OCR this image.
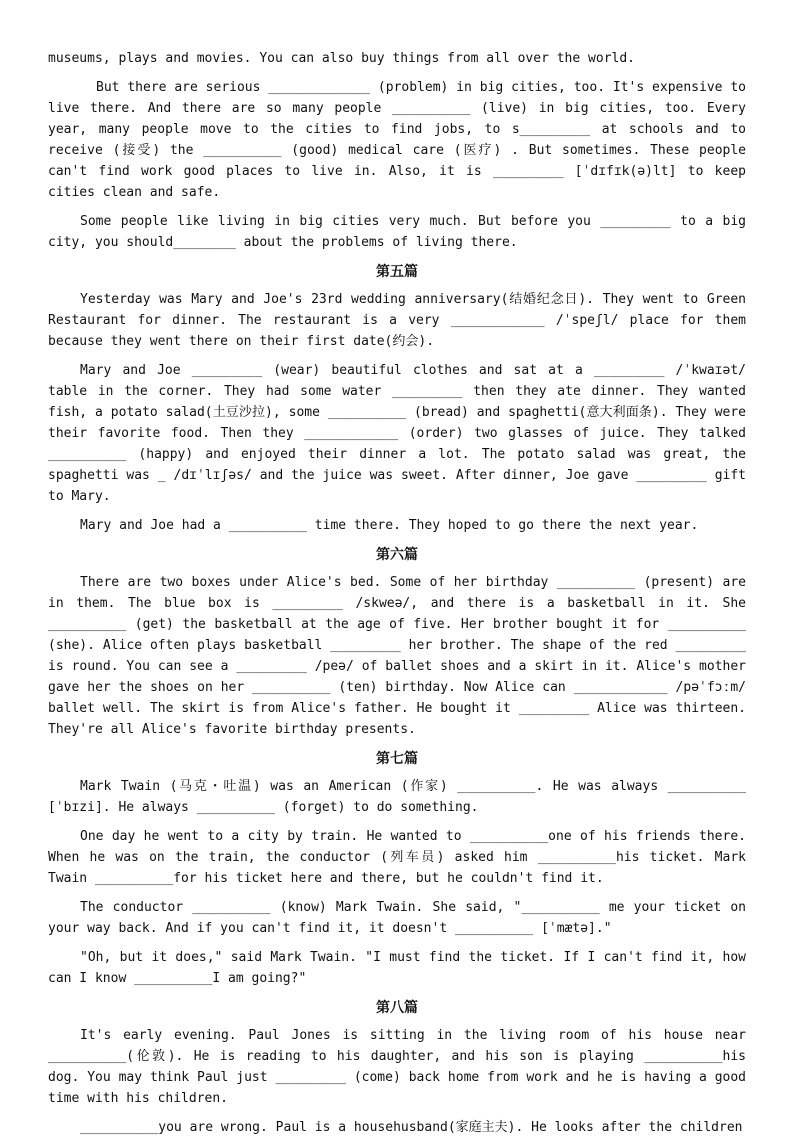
museums, plays and movies. You can also buy things from all over the world.

But there are serious _____________ (problem) in big cities, too. It's expensive to live there. And there are so many people __________ (live) in big cities, too. Every year, many people move to the cities to find jobs, to s_________ at schools and to receive (接受) the __________ (good) medical care (医疗) . But sometimes. These people can't find work good places to live in. Also, it is _________ [ˈdɪfɪk(ə)lt] to keep cities clean and safe.

Some people like living in big cities very much. But before you _________ to a big city, you should________ about the problems of living there.

第五篇

Yesterday was Mary and Joe's 23rd wedding anniversary(结婚纪念日). They went to Green Restaurant for dinner. The restaurant is a very ____________ /ˈspeʃl/ place for them because they went there on their first date(约会).

Mary and Joe _________ (wear) beautiful clothes and sat at a _________ /ˈkwaɪət/ table in the corner. They had some water _________ then they ate dinner. They wanted fish, a potato salad(土豆沙拉), some __________ (bread) and spaghetti(意大利面条). They were their favorite food. Then they ____________ (order) two glasses of juice. They talked __________ (happy) and enjoyed their dinner a lot. The potato salad was great, the spaghetti was _ /dɪˈlɪʃəs/ and the juice was sweet. After dinner, Joe gave _________ gift to Mary.

Mary and Joe had a __________ time there. They hoped to go there the next year.

第六篇

There are two boxes under Alice's bed. Some of her birthday __________ (present) are in them. The blue box is _________ /skweə/, and there is a basketball in it. She __________ (get) the basketball at the age of five. Her brother bought it for __________ (she). Alice often plays basketball _________ her brother. The shape of the red _________ is round. You can see a _________ /peə/ of ballet shoes and a skirt in it. Alice's mother gave her the shoes on her __________ (ten) birthday. Now Alice can ____________ /pəˈfɔːm/ ballet well. The skirt is from Alice's father. He bought it _________ Alice was thirteen. They're all Alice's favorite birthday presents.

第七篇

Mark Twain (马克・吐温) was an American (作家) __________. He was always __________ [ˈbɪzi]. He always __________ (forget) to do something.

One day he went to a city by train. He wanted to __________one of his friends there. When he was on the train, the conductor (列车员) asked him __________his ticket. Mark Twain __________for his ticket here and there, but he couldn't find it.

The conductor __________ (know) Mark Twain. She said, "__________ me your ticket on your way back. And if you can't find it, it doesn't __________ [ˈmætə]."

"Oh, but it does," said Mark Twain. "I must find the ticket. If I can't find it, how can I know __________I am going?"

第八篇

It's early evening. Paul Jones is sitting in the living room of his house near __________(伦敦). He is reading to his daughter, and his son is playing __________his dog. You may think Paul just _________ (come) back home from work and he is having a good time with his children.

__________you are wrong. Paul is a househusband(家庭主夫). He looks after the children
